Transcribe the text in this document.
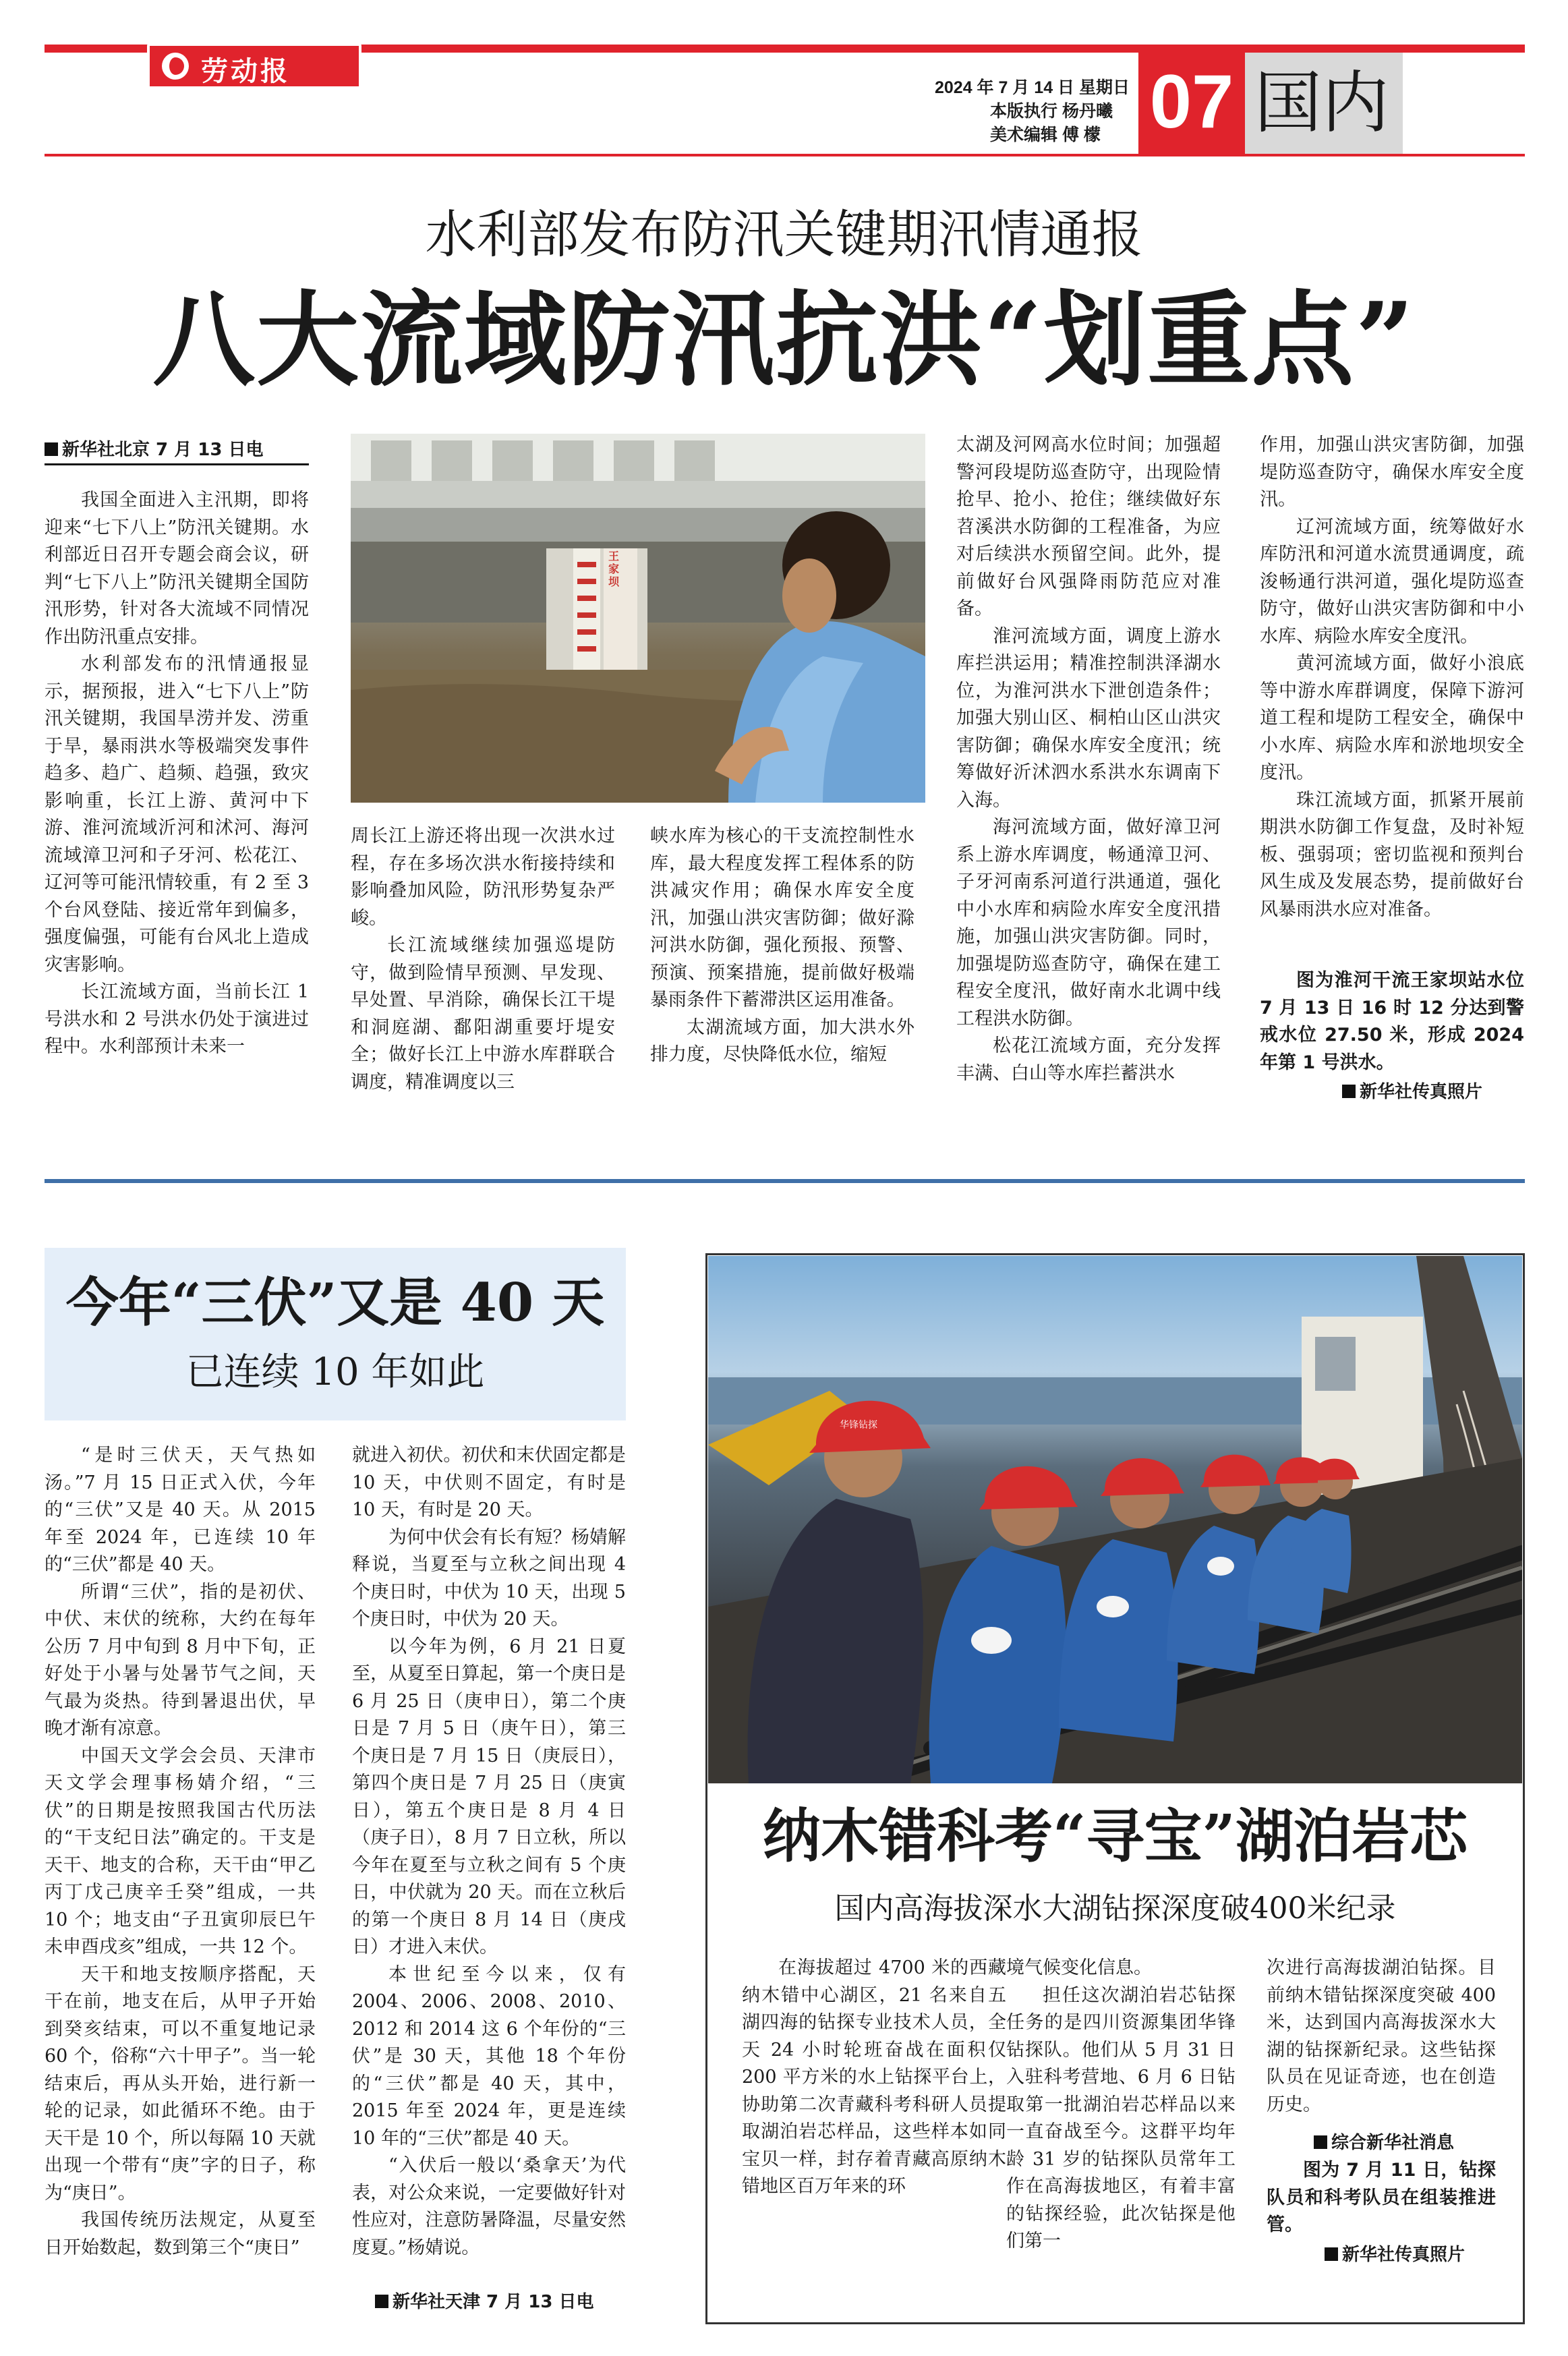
劳动报
2024 年 7 月 14 日 星期日
本版执行 杨丹曦
美术编辑 傅 檬 07 国内
水利部发布防汛关键期汛情通报
八大流域防汛抗洪“划重点”
新华社北京 7 月 13 日电

我国全面进入主汛期，即将迎来“七下八上”防汛关键期。水利部近日召开专题会商会议，研判“七下八上”防汛关键期全国防汛形势，针对各大流域不同情况作出防汛重点安排。

水利部发布的汛情通报显示，据预报，进入“七下八上”防汛关键期，我国旱涝并发、涝重于旱，暴雨洪水等极端突发事件趋多、趋广、趋频、趋强，致灾影响重，长江上游、黄河中下游、淮河流域沂河和沭河、海河流域漳卫河和子牙河、松花江、辽河等可能汛情较重，有 2 至 3 个台风登陆、接近常年到偏多，强度偏强，可能有台风北上造成灾害影响。

长江流域方面，当前长江 1 号洪水和 2 号洪水仍处于演进过程中。水利部预计未来一

王家坝

周长江上游还将出现一次洪水过程，存在多场次洪水衔接持续和影响叠加风险，防汛形势复杂严峻。

长江流域继续加强巡堤防守，做到险情早预测、早发现、早处置、早消除，确保长江干堤和洞庭湖、鄱阳湖重要圩堤安全；做好长江上中游水库群联合调度，精准调度以三

峡水库为核心的干支流控制性水库，最大程度发挥工程体系的防洪减灾作用；确保水库安全度汛，加强山洪灾害防御；做好滁河洪水防御，强化预报、预警、预演、预案措施，提前做好极端暴雨条件下蓄滞洪区运用准备。

太湖流域方面，加大洪水外排力度，尽快降低水位，缩短

太湖及河网高水位时间；加强超警河段堤防巡查防守，出现险情抢早、抢小、抢住；继续做好东苕溪洪水防御的工程准备，为应对后续洪水预留空间。此外，提前做好台风强降雨防范应对准备。

淮河流域方面，调度上游水库拦洪运用；精准控制洪泽湖水位，为淮河洪水下泄创造条件；加强大别山区、桐柏山区山洪灾害防御；确保水库安全度汛；统筹做好沂沭泗水系洪水东调南下入海。

海河流域方面，做好漳卫河系上游水库调度，畅通漳卫河、子牙河南系河道行洪通道，强化中小水库和病险水库安全度汛措施，加强山洪灾害防御。同时，加强堤防巡查防守，确保在建工程安全度汛，做好南水北调中线工程洪水防御。

松花江流域方面，充分发挥丰满、白山等水库拦蓄洪水

作用，加强山洪灾害防御，加强堤防巡查防守，确保水库安全度汛。

辽河流域方面，统筹做好水库防汛和河道水流贯通调度，疏浚畅通行洪河道，强化堤防巡查防守，做好山洪灾害防御和中小水库、病险水库安全度汛。

黄河流域方面，做好小浪底等中游水库群调度，保障下游河道工程和堤防工程安全，确保中小水库、病险水库和淤地坝安全度汛。

珠江流域方面，抓紧开展前期洪水防御工作复盘，及时补短板、强弱项；密切监视和预判台风生成及发展态势，提前做好台风暴雨洪水应对准备。

图为淮河干流王家坝站水位 7 月 13 日 16 时 12 分达到警戒水位 27.50 米，形成 2024 年第 1 号洪水。
新华社传真照片
今年“三伏”又是 40 天
已连续 10 年如此

“是时三伏天，天气热如汤。”7 月 15 日正式入伏，今年的“三伏”又是 40 天。从 2015 年至 2024 年，已连续 10 年的“三伏”都是 40 天。

所谓“三伏”，指的是初伏、中伏、末伏的统称，大约在每年公历 7 月中旬到 8 月中下旬，正好处于小暑与处暑节气之间，天气最为炎热。待到暑退出伏，早晚才渐有凉意。

中国天文学会会员、天津市天文学会理事杨婧介绍，“三伏”的日期是按照我国古代历法的“干支纪日法”确定的。干支是天干、地支的合称，天干由“甲乙丙丁戊己庚辛壬癸”组成，一共 10 个；地支由“子丑寅卯辰巳午未申酉戌亥”组成，一共 12 个。

天干和地支按顺序搭配，天干在前，地支在后，从甲子开始到癸亥结束，可以不重复地记录 60 个，俗称“六十甲子”。当一轮结束后，再从头开始，进行新一轮的记录，如此循环不绝。由于天干是 10 个，所以每隔 10 天就出现一个带有“庚”字的日子，称为“庚日”。

我国传统历法规定，从夏至日开始数起，数到第三个“庚日”

就进入初伏。初伏和末伏固定都是 10 天，中伏则不固定，有时是 10 天，有时是 20 天。

为何中伏会有长有短？杨婧解释说，当夏至与立秋之间出现 4 个庚日时，中伏为 10 天，出现 5 个庚日时，中伏为 20 天。

以今年为例，6 月 21 日夏至，从夏至日算起，第一个庚日是 6 月 25 日（庚申日），第二个庚日是 7 月 5 日（庚午日），第三个庚日是 7 月 15 日（庚辰日），第四个庚日是 7 月 25 日（庚寅日），第五个庚日是 8 月 4 日（庚子日），8 月 7 日立秋，所以今年在夏至与立秋之间有 5 个庚日，中伏就为 20 天。而在立秋后的第一个庚日 8 月 14 日（庚戌日）才进入末伏。

本世纪至今以来，仅有 2004、2006、2008、2010、2012 和 2014 这 6 个年份的“三伏”是 30 天，其他 18 个年份的“三伏”都是 40 天，其中，2015 年至 2024 年，更是连续 10 年的“三伏”都是 40 天。

“入伏后一般以‘桑拿天’为代表，对公众来说，一定要做好针对性应对，注意防暑降温，尽量安然度夏。”杨婧说。

新华社天津 7 月 13 日电
华锋钻探
纳木错科考“寻宝”湖泊岩芯
国内高海拔深水大湖钻探深度破400米纪录

在海拔超过 4700 米的西藏纳木错中心湖区，21 名来自五湖四海的钻探专业技术人员，全天 24 小时轮班奋战在面积仅 200 平方米的水上钻探平台上，协助第二次青藏科考科研人员提取湖泊岩芯样品，这些样本如同宝贝一样，封存着青藏高原纳木错地区百万年来的环

境气候变化信息。

担任这次湖泊岩芯钻探任务的是四川资源集团华锋钻探队。他们从 5 月 31 日入驻科考营地、6 月 6 日钻取第一批湖泊岩芯样品以来一直奋战至今。这群平均年龄 31 岁的钻探队员常年工作在高海拔地区，有着丰富的钻探经验，此次钻探是他们第一

次进行高海拔湖泊钻探。目前纳木错钻探深度突破 400 米，达到国内高海拔深水大湖的钻探新纪录。这些钻探队员在见证奇迹，也在创造历史。

综合新华社消息
图为 7 月 11 日，钻探队员和科考队员在组装推进管。
新华社传真照片
